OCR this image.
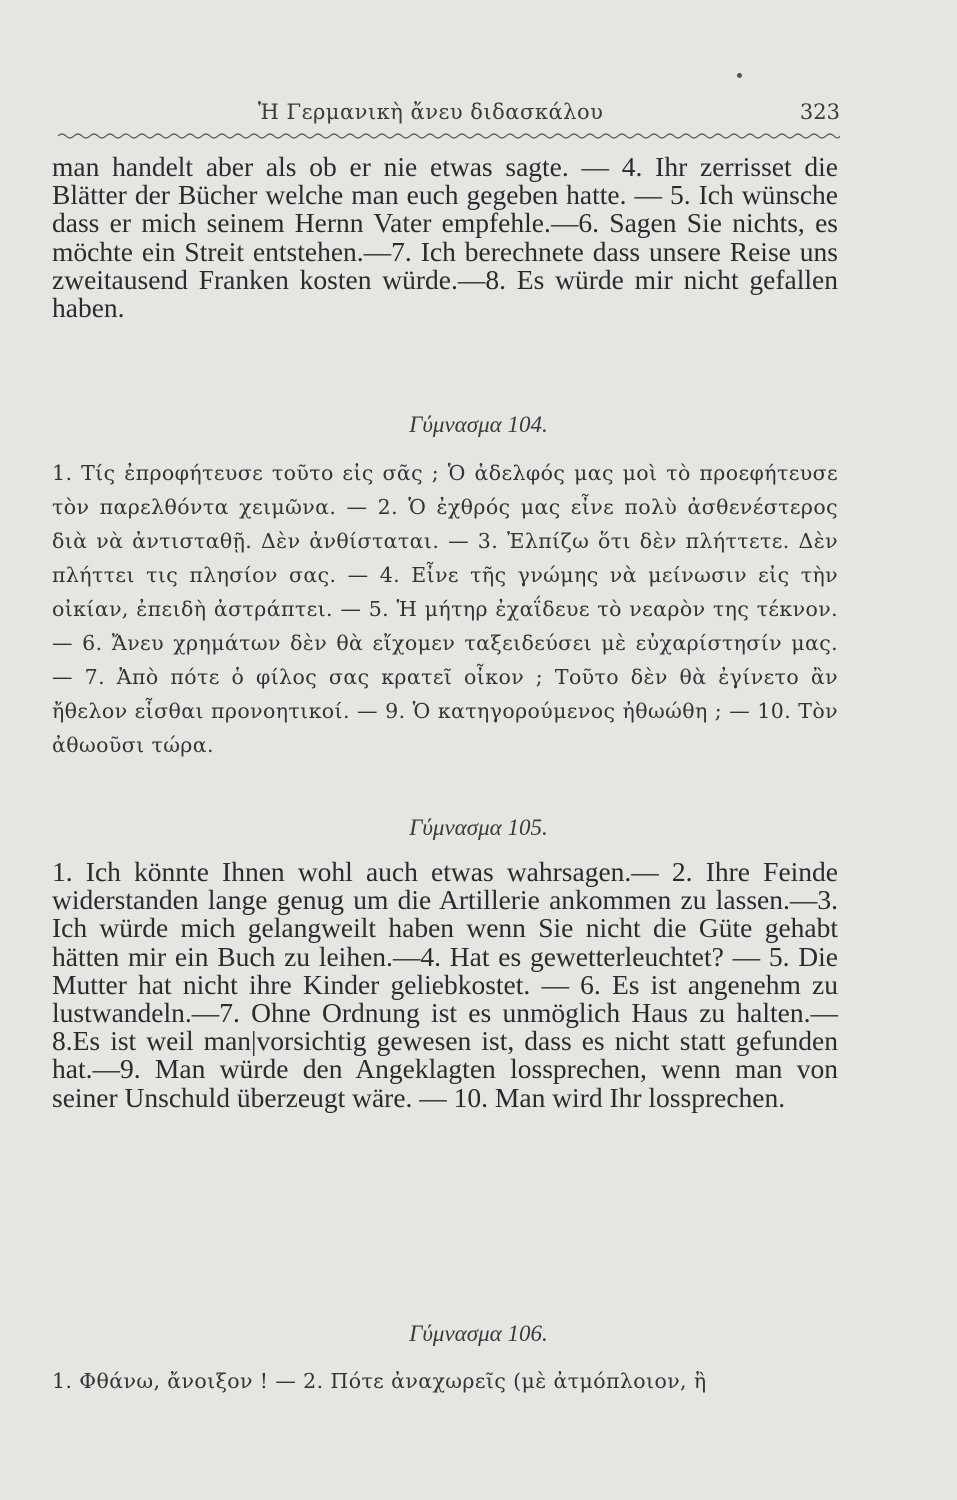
Ἡ Γερμανικὴ ἄνευ διδασκάλου	323
man handelt aber als ob er nie etwas sagte. — 4. Ihr zerrisset die Blätter der Bücher welche man euch gegeben hatte. — 5. Ich wünsche dass er mich seinem Hernn Vater empfehle.—6. Sagen Sie nichts, es möchte ein Streit entstehen.—7. Ich berechnete dass unsere Reise uns zweitausend Franken kosten würde.—8. Es würde mir nicht gefallen haben.
Γύμνασμα 104.
1. Τίς ἐπροφήτευσε τοῦτο εἰς σᾶς ; Ὁ ἀδελφός μας μοὶ τὸ προεφήτευσε τὸν παρελθόντα χειμῶνα. — 2. Ὁ ἐχθρός μας εἶνε πολὺ ἀσθενέστερος διὰ νὰ ἀντισταθῇ. Δὲν ἀνθίσταται. — 3. Ἐλπίζω ὅτι δὲν πλήττετε. Δὲν πλήττει τις πλησίον σας. — 4. Εἶνε τῆς γνώμης νὰ μείνωσιν εἰς τὴν οἰκίαν, ἐπειδὴ ἀστράπτει. — 5. Ἡ μήτηρ ἐχαΐδευε τὸ νεαρὸν της τέκνον. — 6. Ἄνευ χρημάτων δὲν θὰ εἴχομεν ταξειδεύσει μὲ εὐχαρίστησίν μας. — 7. Ἀπὸ πότε ὁ φίλος σας κρατεῖ οἶκον ; Τοῦτο δὲν θὰ ἐγίνετο ἂν ἤθελον εἶσθαι προνοητικοί. — 9. Ὁ κατηγορούμενος ἠθωώθη ; — 10. Τὸν ἀθωοῦσι τώρα.
Γύμνασμα 105.
1. Ich könnte Ihnen wohl auch etwas wahrsagen.— 2. Ihre Feinde widerstanden lange genug um die Artillerie ankommen zu lassen.—3. Ich würde mich gelangweilt haben wenn Sie nicht die Güte gehabt hätten mir ein Buch zu leihen.—4. Hat es gewetterleuchtet? — 5. Die Mutter hat nicht ihre Kinder geliebkostet. — 6. Es ist angenehm zu lustwandeln.—7. Ohne Ordnung ist es unmöglich Haus zu halten.—8.Es ist weil man|vorsichtig gewesen ist, dass es nicht statt gefunden hat.—9. Man würde den Angeklagten lossprechen, wenn man von seiner Unschuld überzeugt wäre. — 10. Man wird Ihr lossprechen.
Γύμνασμα 106.
1. Φθάνω, ἄνοιξον ! — 2. Πότε ἀναχωρεῖς (μὲ ἀτμόπλοιον, ἢ
